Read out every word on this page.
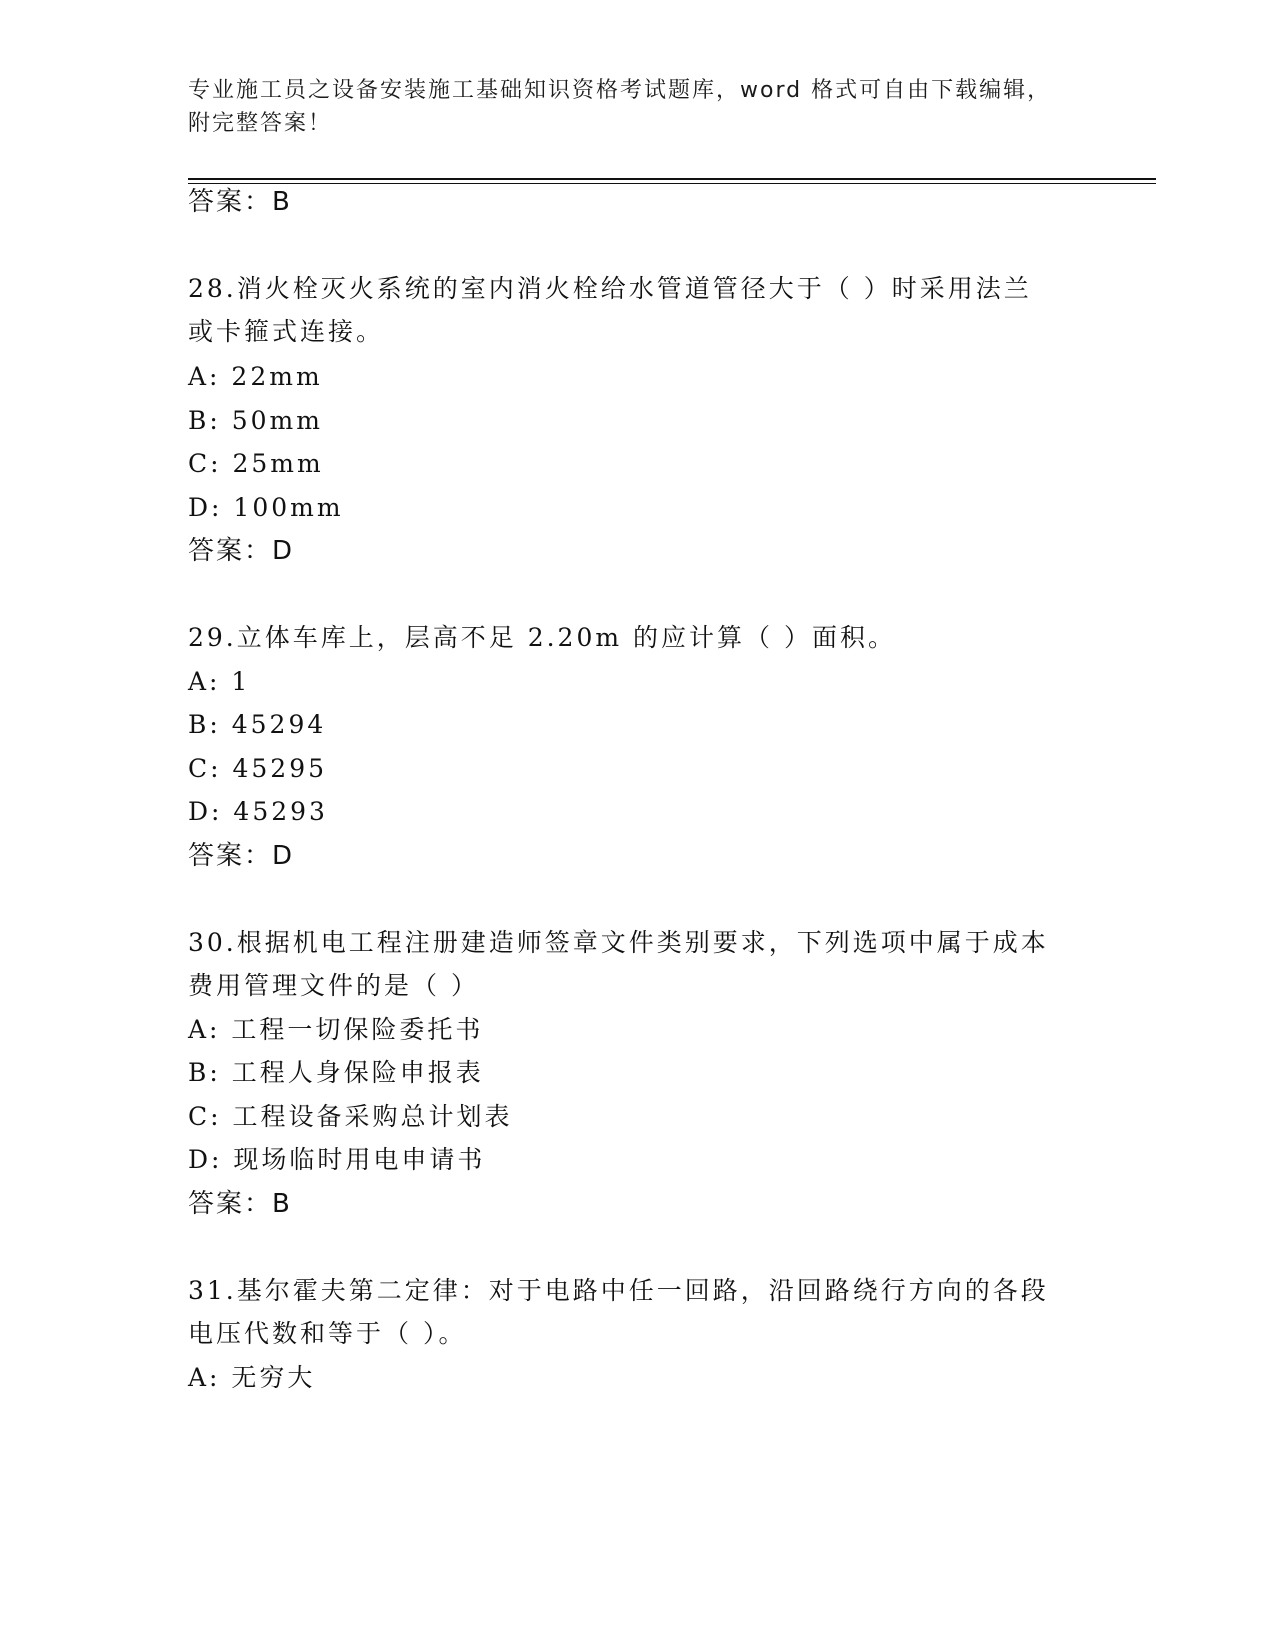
专业施工员之设备安装施工基础知识资格考试题库，word 格式可自由下载编辑，
附完整答案！
答案：B
28.消火栓灭火系统的室内消火栓给水管道管径大于（ ）时采用法兰
或卡箍式连接。
A: 22mm
B: 50mm
C: 25mm
D: 100mm
答案：D
29.立体车库上，层高不足 2.20m 的应计算（ ）面积。
A: 1
B: 45294
C: 45295
D: 45293
答案：D
30.根据机电工程注册建造师签章文件类别要求，下列选项中属于成本
费用管理文件的是（ ）
A: 工程一切保险委托书
B: 工程人身保险申报表
C: 工程设备采购总计划表
D: 现场临时用电申请书
答案：B
31.基尔霍夫第二定律：对于电路中任一回路，沿回路绕行方向的各段
电压代数和等于（ ）。
A: 无穷大
